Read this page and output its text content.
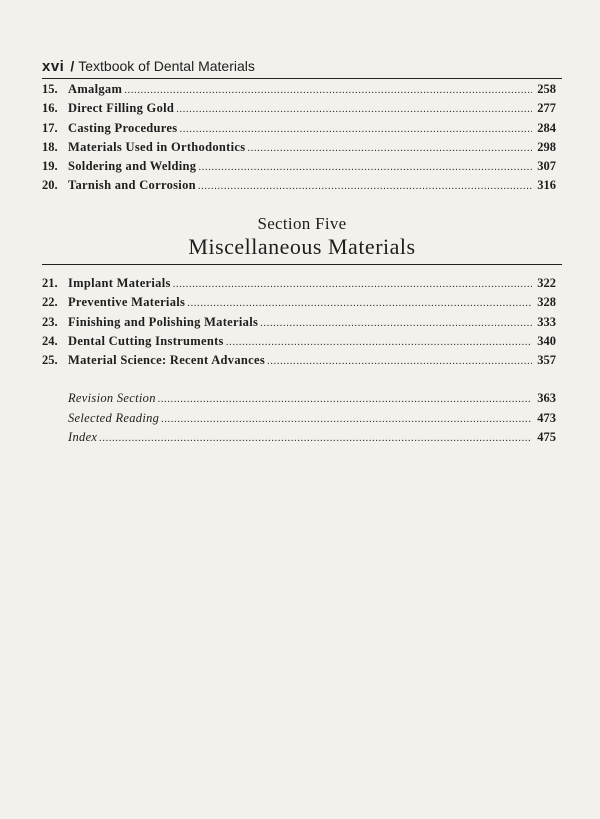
xvi / Textbook of Dental Materials
15. Amalgam .....	258
16. Direct Filling Gold .....	277
17. Casting Procedures .....	284
18. Materials Used in Orthodontics .....	298
19. Soldering and Welding .....	307
20. Tarnish and Corrosion .....	316
Section Five
Miscellaneous Materials
21. Implant Materials .....	322
22. Preventive Materials .....	328
23. Finishing and Polishing Materials .....	333
24. Dental Cutting Instruments .....	340
25. Material Science: Recent Advances .....	357
Revision Section .....	363
Selected Reading .....	473
Index .....	475
